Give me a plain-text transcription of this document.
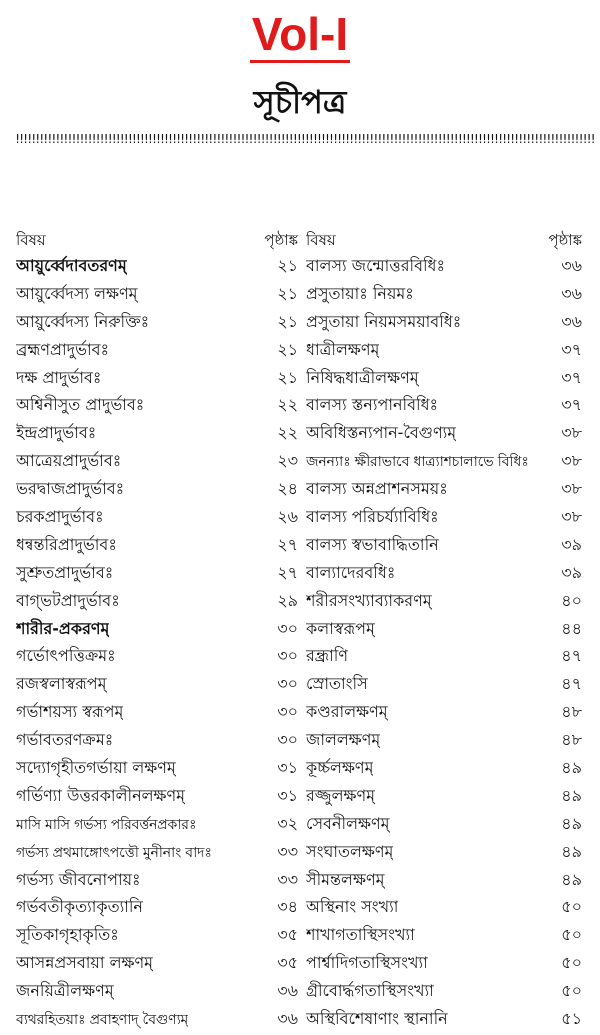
Vol-I
সূচীপত্র
!!!!!!!!!!!!!!!!!!!!!!!!!!!!!!!!!!!!!!!!!!!!!!!!!!!!!!!!!!!!!!!!!!!!!!!!!!!!!!!!!!!!!!!!!!!!!!!!!!!!!!!!!!!!!!!!!!!!!!!!!!!!!!!!!!!!!!!!!!!!!!!!
বিষয়	পৃষ্ঠাঙ্ক
আয়ুর্ব্বেদাবতরণম্	২১
আয়ুর্ব্বেদস্য লক্ষণম্	২১
আয়ুর্ব্বেদস্য নিরুক্তিঃ	২১
ব্রহ্মণপ্রাদুর্ভাবঃ	২১
দক্ষ প্রাদুর্ভাবঃ	২১
অশ্বিনীসুত প্রাদুর্ভাবঃ	২২
ইন্দ্রপ্রাদুর্ভাবঃ	২২
আত্রেয়প্রাদুর্ভাবঃ	২৩
ভরদ্বাজপ্রাদুর্ভাবঃ	২৪
চরকপ্রাদুর্ভাবঃ	২৬
ধন্বন্তরিপ্রাদুর্ভাবঃ	২৭
সুশ্রুতপ্রাদুর্ভাবঃ	২৭
বাগ্ভটপ্রাদুর্ভাবঃ	২৯
শারীর-প্রকরণম্	৩০
গর্ভোৎপত্তিক্রমঃ	৩০
রজস্বলাস্বরূপম্	৩০
গর্ভাশয়স্য স্বরূপম্	৩০
গর্ভাবতরণক্রমঃ	৩০
সদ্যোগৃহীতগর্ভায়া লক্ষণম্	৩১
গর্ভিণ্যা উত্তরকালীনলক্ষণম্	৩১
মাসি মাসি গর্ভস্য পরিবর্ত্তনপ্রকারঃ	৩২
গর্ভস্য প্রথমাঙ্গোৎপত্তৌ মুনীনাং বাদঃ	৩৩
গর্ভস্য জীবনোপায়ঃ	৩৩
গর্ভবতীকৃত্যাকৃত্যানি	৩৪
সূতিকাগৃহাকৃতিঃ	৩৫
আসন্নপ্রসবায়া লক্ষণম্	৩৫
জনয়িত্রীলক্ষণম্	৩৬
ব্যথরহিতয়াঃ প্রবাহণাদ্ বৈগুণ্যম্	৩৬
বিষয়	পৃষ্ঠাঙ্ক
বালস্য জন্মোত্তরবিধিঃ	৩৬
প্রসুতায়াঃ নিয়মঃ	৩৬
প্রসুতায়া নিয়মসময়াবধিঃ	৩৬
ধাত্রীলক্ষণম্	৩৭
নিষিদ্ধধাত্রীলক্ষণম্	৩৭
বালস্য স্তন্যপানবিধিঃ	৩৭
অবিধিস্তন্যপান-বৈগুণ্যম্	৩৮
জনন্যাঃ ক্ষীরাভাবে ধাত্র্যাশচালাভে বিধিঃ ৩৮
বালস্য অন্নপ্রাশনসময়ঃ	৩৮
বালস্য পরিচর্য্যাবিধিঃ	৩৮
বালস্য স্বভাবাদ্ধিতানি	৩৯
বাল্যাদেরবধিঃ	৩৯
শরীরসংখ্যাব্যাকরণম্	৪০
কলাস্বরূপম্	৪৪
রন্ধ্রাণি	৪৭
স্রোতাংসি	৪৭
কণ্ডরালক্ষণম্	৪৮
জাললক্ষণম্	৪৮
কূর্চ্চলক্ষণম্	৪৯
রজ্জুলক্ষণম্	৪৯
সেবনীলক্ষণম্	৪৯
সংঘাতলক্ষণম্	৪৯
সীমন্তলক্ষণম্	৪৯
অস্থিনাং সংখ্যা	৫০
শাখাগতাস্থিসংখ্যা	৫০
পার্শ্বাদিগতাস্থিসংখ্যা	৫০
গ্রীবোর্দ্ধগতাস্থিসংখ্যা	৫০
অস্থিবিশেষাণাং স্থানানি	৫১
